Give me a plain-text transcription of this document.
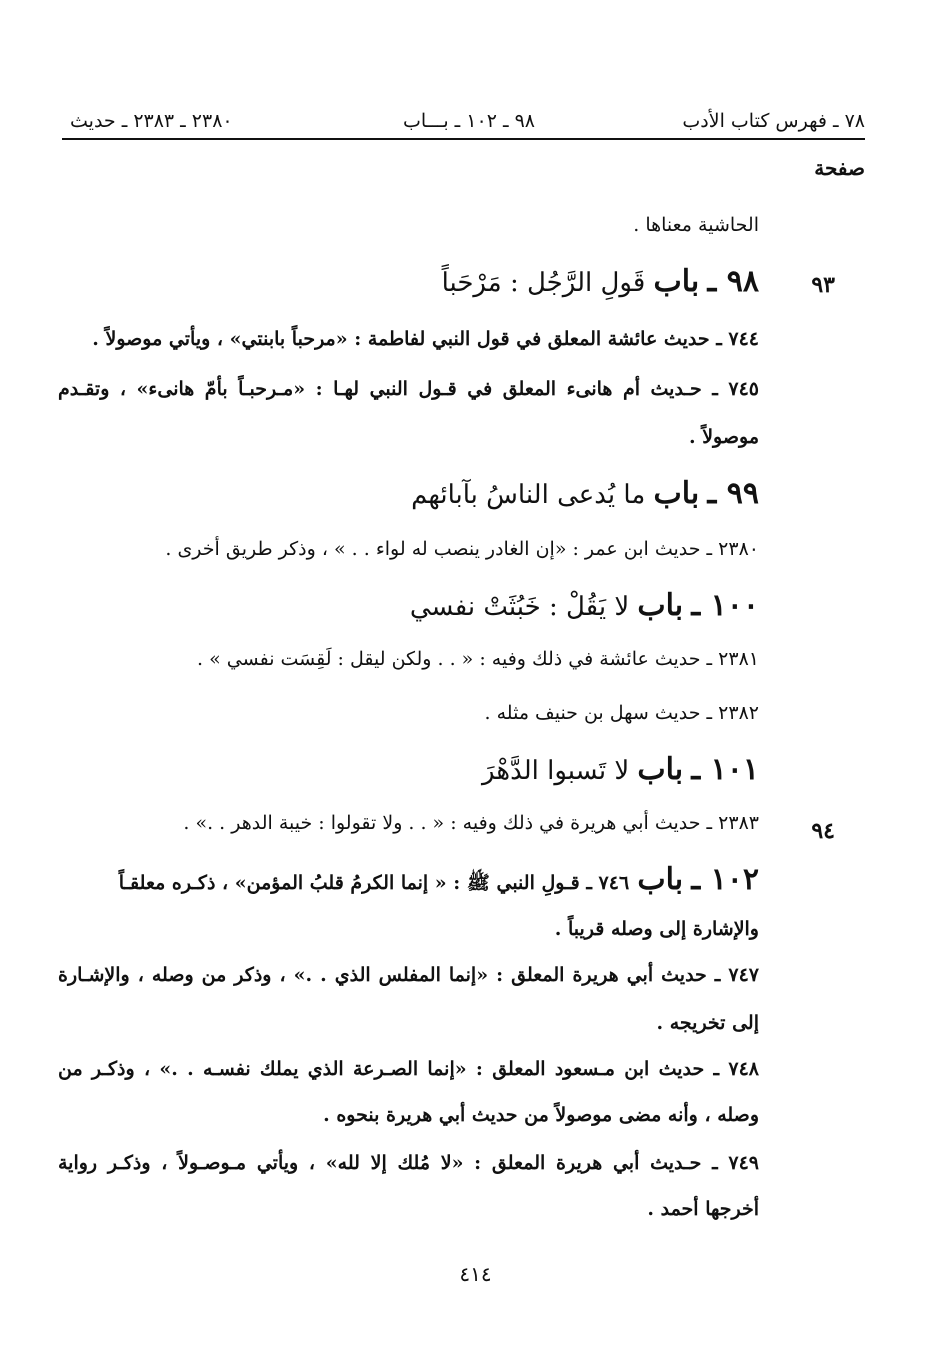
٧٨ ـ فهرس كتاب الأدب
٩٨ ـ ١٠٢ ـ بـــاب
٢٣٨٠ ـ ٢٣٨٣ ـ حديث
صفحة
الحاشية معناها .
٩٣
٩٨ ـ باب قَولِ الرَّجُل : مَرْحَباً
٧٤٤ ـ حديث عائشة المعلق في قول النبي لفاطمة : «مرحباً بابنتي» ، ويأتي موصولاً .
٧٤٥ ـ حـديث أم هانىء المعلق في قـول النبي لهـا : «مـرحبـاً بأمّ هانىء» ، وتقـدم
موصولاً .
٩٩ ـ باب ما يُدعى الناسُ بآبائهم
٢٣٨٠ ـ حديث ابن عمر : «إن الغادر ينصب له لواء . . » ، وذكر طريق أخرى .
١٠٠ ـ باب لا يَقُلْ : خَبُثَتْ نفسي
٢٣٨١ ـ حديث عائشة في ذلك وفيه : « . . ولكن ليقل : لَقِسَت نفسي » .
٢٣٨٢ ـ حديث سهل بن حنيف مثله .
١٠١ ـ باب لا تَسبوا الدَّهْرَ
٩٤
٢٣٨٣ ـ حديث أبي هريرة في ذلك وفيه : « . . ولا تقولوا : خيبة الدهر . .» .
١٠٢ ـ باب ٧٤٦ ـ قـولِ النبي ﷺ : « إنما الكرمُ قلبُ المؤمن» ، ذكـره معلقـاً
والإشارة إلى وصله قريباً .
٧٤٧ ـ حديث أبي هريرة المعلق : «إنما المفلس الذي . .» ، وذكر من وصله ، والإشـارة
إلى تخريجه .
٧٤٨ ـ حديث ابن مـسعود المعلق : «إنما الصـرعة الذي يملك نفسـه . .» ، وذكـر من
وصله ، وأنه مضى موصولاً من حديث أبي هريرة بنحوه .
٧٤٩ ـ حـديث أبي هريرة المعلق : «لا مُلك إلا لله» ، ويأتي مـوصـولاً ، وذكـر رواية
أخرجها أحمد .
٤١٤
